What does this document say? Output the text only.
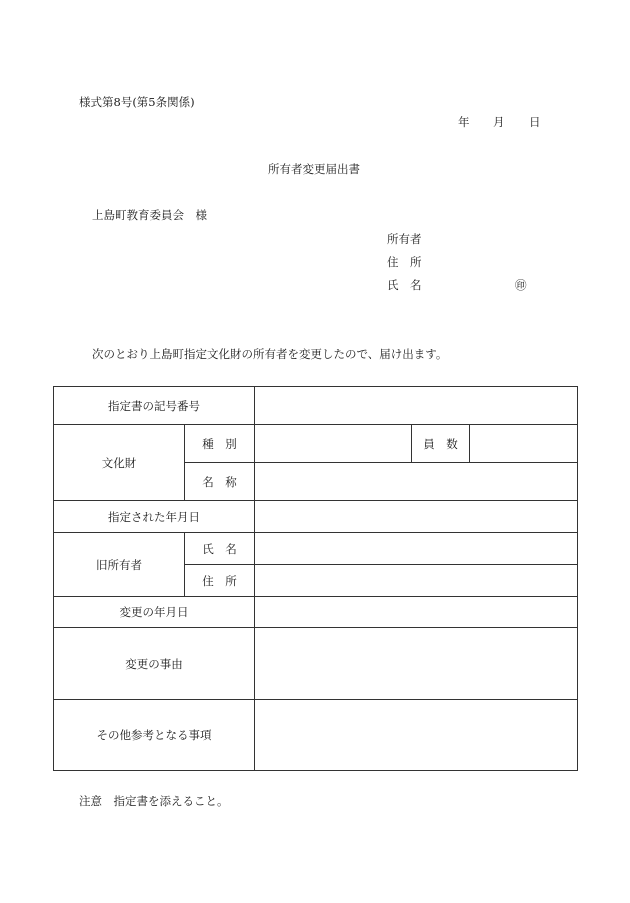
様式第8号(第5条関係)
年 月 日
所有者変更届出書
上島町教育委員会　様
所有者
住　所
氏　名	㊞
次のとおり上島町指定文化財の所有者を変更したので、届け出ます。
指定書の記号番号				
文化財	種　別		員　数	
	名　称			
指定された年月日				
旧所有者	氏　名			
	住　所			
変更の年月日				
変更の事由				
その他参考となる事項				
注意　指定書を添えること。
